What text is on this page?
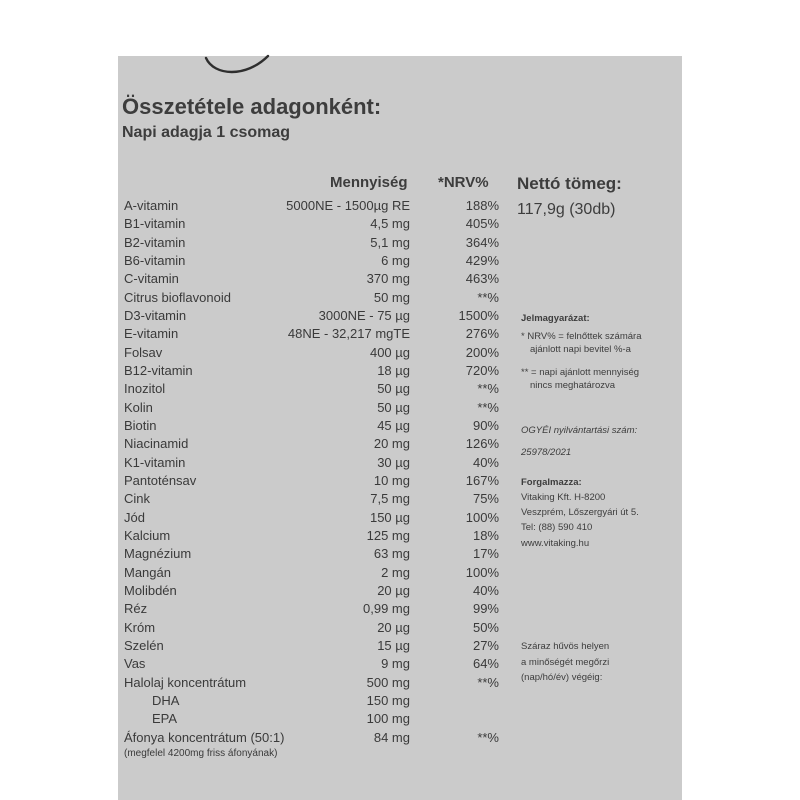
Összetétele adagonként:
Napi adagja 1 csomag
Mennyiség *NRV%
A-vitamin	5000NE - 1500µg RE	188%
B1-vitamin	4,5 mg	405%
B2-vitamin	5,1 mg	364%
B6-vitamin	6 mg	429%
C-vitamin	370 mg	463%
Citrus bioflavonoid	50 mg	**%
D3-vitamin	3000NE - 75 µg	1500%
E-vitamin	48NE - 32,217 mgTE	276%
Folsav	400 µg	200%
B12-vitamin	18 µg	720%
Inozitol	50 µg	**%
Kolin	50 µg	**%
Biotin	45 µg	90%
Niacinamid	20 mg	126%
K1-vitamin	30 µg	40%
Pantoténsav	10 mg	167%
Cink	7,5 mg	75%
Jód	150 µg	100%
Kalcium	125 mg	18%
Magnézium	63 mg	17%
Mangán	2 mg	100%
Molibdén	20 µg	40%
Réz	0,99 mg	99%
Króm	20 µg	50%
Szelén	15 µg	27%
Vas	9 mg	64%
Halolaj koncentrátum	500 mg	**%
DHA	150 mg
EPA	100 mg
Áfonya koncentrátum (50:1)	84 mg	**%
(megfelel 4200mg friss áfonyának)
Nettó tömeg:
117,9g (30db)
Jelmagyarázat:
* NRV% = felnőttek számára
ajánlott napi bevitel %-a
** = napi ajánlott mennyiség
nincs meghatározva
OGYÉI nyilvántartási szám:
25978/2021
Forgalmazza:
Vitaking Kft. H-8200
Veszprém, Lőszergyári út 5.
Tel: (88) 590 410
www.vitaking.hu
Száraz hűvös helyen
a minőségét megőrzi
(nap/hó/év) végéig:
